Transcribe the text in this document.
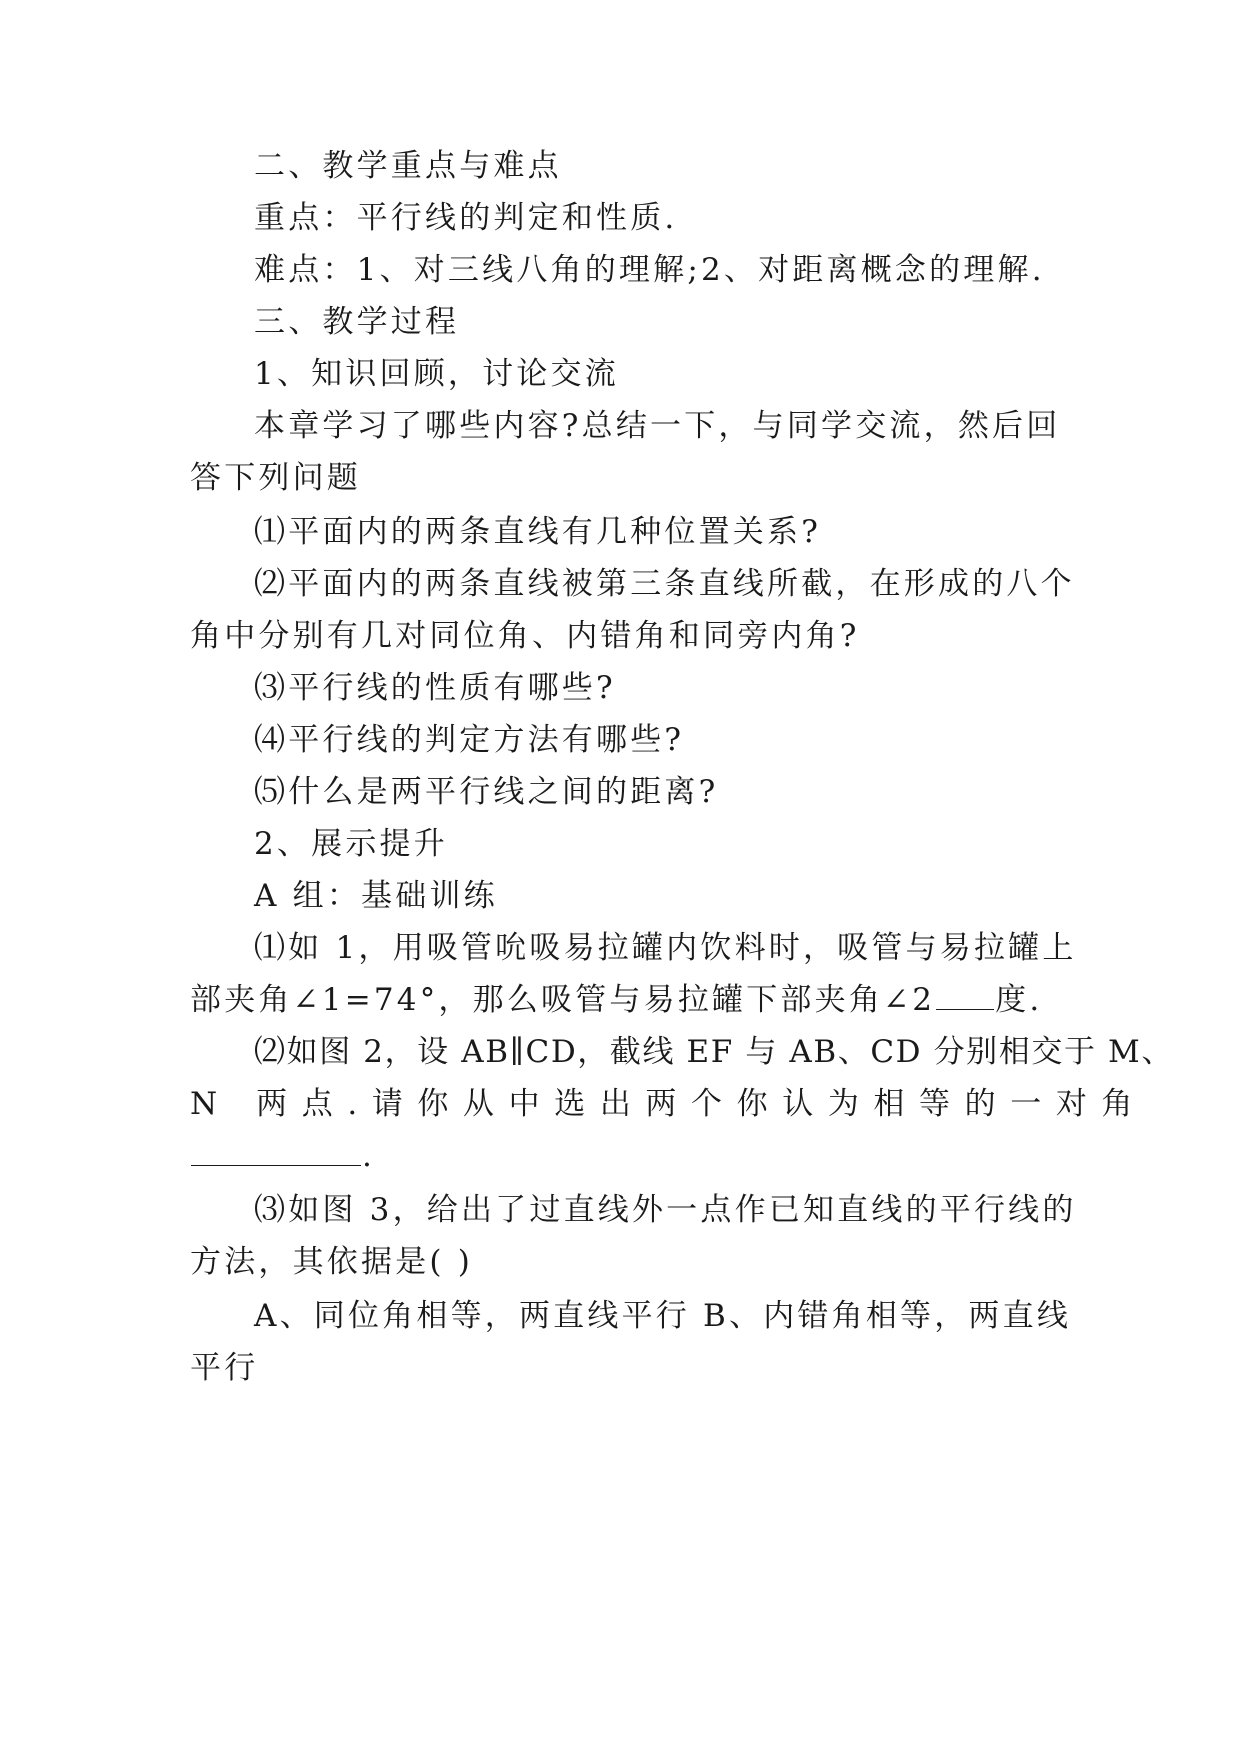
二、教学重点与难点
重点：平行线的判定和性质.
难点：1、对三线八角的理解;2、对距离概念的理解.
三、教学过程
1、知识回顾，讨论交流
本章学习了哪些内容?总结一下，与同学交流，然后回
答下列问题
⑴平面内的两条直线有几种位置关系?
⑵平面内的两条直线被第三条直线所截，在形成的八个
角中分别有几对同位角、内错角和同旁内角?
⑶平行线的性质有哪些?
⑷平行线的判定方法有哪些?
⑸什么是两平行线之间的距离?
2、展示提升
A 组：基础训练
⑴如 1，用吸管吮吸易拉罐内饮料时，吸管与易拉罐上
部夹角∠1=74°，那么吸管与易拉罐下部夹角∠2 度.
⑵如图 2，设 AB∥CD，截线 EF 与 AB、CD 分别相交于 M、
N 两点.请你从中选出两个你认为相等的一对角
.
⑶如图 3，给出了过直线外一点作已知直线的平行线的
方法，其依据是( )
A、同位角相等，两直线平行 B、内错角相等，两直线
平行
